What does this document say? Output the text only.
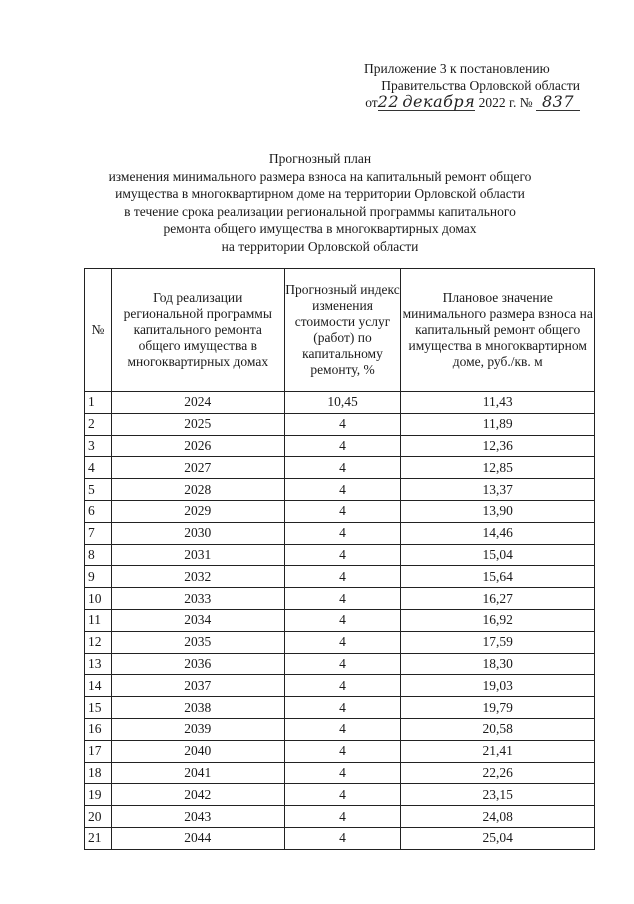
Приложение 3 к постановлению
Правительства Орловской области
от22 декабря 2022 г. № 837
Прогнозный план
изменения минимального размера взноса на капитальный ремонт общего
имущества в многоквартирном доме на территории Орловской области
в течение срока реализации региональной программы капитального
ремонта общего имущества в многоквартирных домах
на территории Орловской области
№	Год реализации региональной программы капитального ремонта общего имущества в многоквартирных домах	Прогнозный индекс изменения стоимости услуг (работ) по капитальному ремонту, %	Плановое значение минимального размера взноса на капитальный ремонт общего имущества в многоквартирном доме, руб./кв. м
1	2024	10,45	11,43
2	2025	4	11,89
3	2026	4	12,36
4	2027	4	12,85
5	2028	4	13,37
6	2029	4	13,90
7	2030	4	14,46
8	2031	4	15,04
9	2032	4	15,64
10	2033	4	16,27
11	2034	4	16,92
12	2035	4	17,59
13	2036	4	18,30
14	2037	4	19,03
15	2038	4	19,79
16	2039	4	20,58
17	2040	4	21,41
18	2041	4	22,26
19	2042	4	23,15
20	2043	4	24,08
21	2044	4	25,04
